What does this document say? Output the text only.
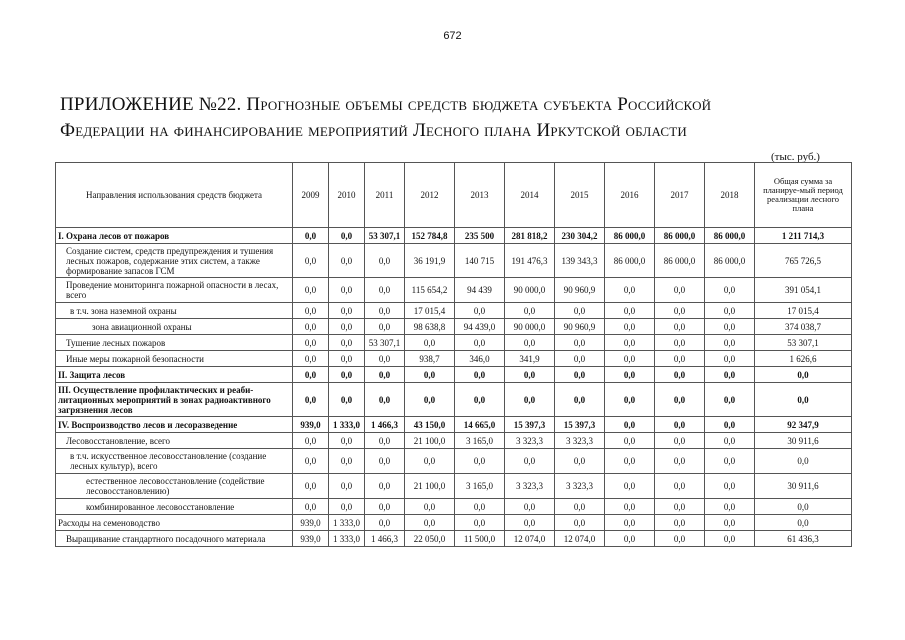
672
ПРИЛОЖЕНИЕ №22. Прогнозные объемы средств бюджета субъекта Российской
Федерации на финансирование мероприятий Лесного плана Иркутской области
(тыс. руб.)
Направления использования средств бюджета	2009	2010	2011	2012	2013	2014	2015	2016	2017	2018	Общая сумма за планируе-мый период реализации лесного плана
I. Охрана лесов от пожаров	0,0	0,0	53 307,1	152 784,8	235 500	281 818,2	230 304,2	86 000,0	86 000,0	86 000,0	1 211 714,3
Создание систем, средств предупреждения и тушения лесных пожаров, содержание этих систем, а также формирование запасов ГСМ	0,0	0,0	0,0	36 191,9	140 715	191 476,3	139 343,3	86 000,0	86 000,0	86 000,0	765 726,5
Проведение мониторинга пожарной опасности в лесах, всего	0,0	0,0	0,0	115 654,2	94 439	90 000,0	90 960,9	0,0	0,0	0,0	391 054,1
в т.ч. зона наземной охраны	0,0	0,0	0,0	17 015,4	0,0	0,0	0,0	0,0	0,0	0,0	17 015,4
зона авиационной охраны	0,0	0,0	0,0	98 638,8	94 439,0	90 000,0	90 960,9	0,0	0,0	0,0	374 038,7
Тушение лесных пожаров	0,0	0,0	53 307,1	0,0	0,0	0,0	0,0	0,0	0,0	0,0	53 307,1
Иные меры пожарной безопасности	0,0	0,0	0,0	938,7	346,0	341,9	0,0	0,0	0,0	0,0	1 626,6
II. Защита лесов	0,0	0,0	0,0	0,0	0,0	0,0	0,0	0,0	0,0	0,0	0,0
III. Осуществление профилактических и реаби-литационных мероприятий в зонах радиоактивного загрязнения лесов	0,0	0,0	0,0	0,0	0,0	0,0	0,0	0,0	0,0	0,0	0,0
IV. Воспроизводство лесов и лесоразведение	939,0	1 333,0	1 466,3	43 150,0	14 665,0	15 397,3	15 397,3	0,0	0,0	0,0	92 347,9
Лесовосстановление, всего	0,0	0,0	0,0	21 100,0	3 165,0	3 323,3	3 323,3	0,0	0,0	0,0	30 911,6
в т.ч. искусственное лесовосстановление (создание лесных культур), всего	0,0	0,0	0,0	0,0	0,0	0,0	0,0	0,0	0,0	0,0	0,0
естественное лесовосстановление (содействие лесовосстановлению)	0,0	0,0	0,0	21 100,0	3 165,0	3 323,3	3 323,3	0,0	0,0	0,0	30 911,6
комбинированное лесовосстановление	0,0	0,0	0,0	0,0	0,0	0,0	0,0	0,0	0,0	0,0	0,0
Расходы на семеноводство	939,0	1 333,0	0,0	0,0	0,0	0,0	0,0	0,0	0,0	0,0	0,0
Выращивание стандартного посадочного материала	939,0	1 333,0	1 466,3	22 050,0	11 500,0	12 074,0	12 074,0	0,0	0,0	0,0	61 436,3
